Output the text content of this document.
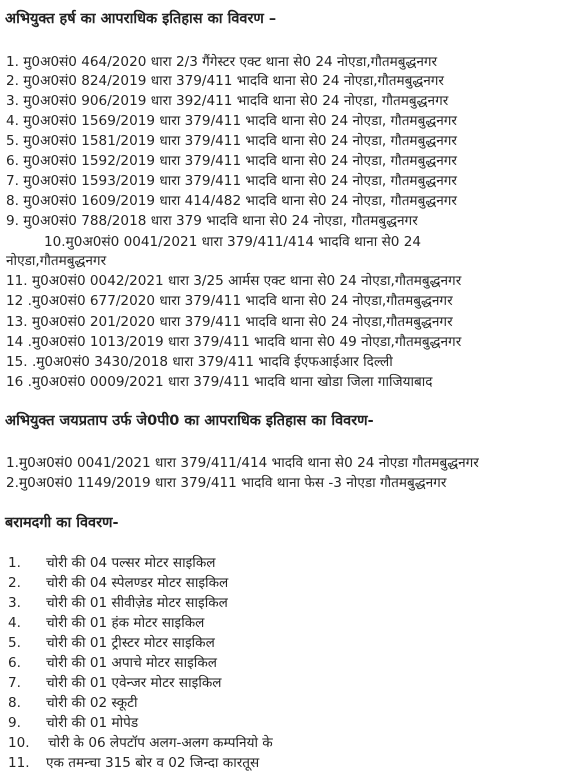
अभियुक्त हर्ष का आपराधिक इतिहास का विवरण –
1. मु0अ0सं0 464/2020 धारा 2/3 गैंगेस्टर एक्ट थाना से0 24 नोएडा,गौतमबुद्धनगर
2. मु0अ0सं0 824/2019 धारा 379/411 भादवि थाना से0 24 नोएडा,गौतमबुद्धनगर
3. मु0अ0सं0 906/2019 धारा 392/411 भादवि थाना से0 24 नोएडा, गौतमबुद्धनगर
4. मु0अ0सं0 1569/2019 धारा 379/411 भादवि थाना से0 24 नोएडा, गौतमबुद्धनगर
5. मु0अ0सं0 1581/2019 धारा 379/411 भादवि थाना से0 24 नोएडा, गौतमबुद्धनगर
6. मु0अ0सं0 1592/2019 धारा 379/411 भादवि थाना से0 24 नोएडा, गौतमबुद्धनगर
7. मु0अ0सं0 1593/2019 धारा 379/411 भादवि थाना से0 24 नोएडा, गौतमबुद्धनगर
8. मु0अ0सं0 1609/2019 धारा 414/482 भादवि थाना से0 24 नोएडा, गौतमबुद्धनगर
9. मु0अ0सं0 788/2018 धारा 379 भादवि थाना से0 24 नोएडा, गौतमबुद्धनगर
10.मु0अ0सं0 0041/2021 धारा 379/411/414 भादवि थाना से0 24
नोएडा,गौतमबुद्धनगर
11. मु0अ0सं0 0042/2021 धारा 3/25 आर्मस एक्ट थाना से0 24 नोएडा,गौतमबुद्धनगर
12 .मु0अ0सं0 677/2020 धारा 379/411 भादवि थाना से0 24 नोएडा,गौतमबुद्धनगर
13. मु0अ0सं0 201/2020 धारा 379/411 भादवि थाना से0 24 नोएडा,गौतमबुद्धनगर
14 .मु0अ0सं0 1013/2019 धारा 379/411 भादवि थाना से0 49 नोएडा,गौतमबुद्धनगर
15. .मु0अ0सं0 3430/2018 धारा 379/411 भादवि ईएफआईआर दिल्ली
16 .मु0अ0सं0 0009/2021 धारा 379/411 भादवि थाना खोडा जिला गाजियाबाद
अभियुक्त जयप्रताप उर्फ जे0पी0 का आपराधिक इतिहास का विवरण-
1.मु0अ0सं0 0041/2021 धारा 379/411/414 भादवि थाना से0 24 नोएडा गौतमबुद्धनगर
2.मु0अ0सं0 1149/2019 धारा 379/411 भादवि थाना फेस -3 नोएडा गौतमबुद्धनगर
बरामदगी का विवरण-
1. चोरी की 04 पल्सर मोटर साइकिल
2. चोरी की 04 स्पेलण्डर मोटर साइकिल
3. चोरी की 01 सीवीज़ेड मोटर साइकिल
4. चोरी की 01 हंक मोटर साइकिल
5. चोरी की 01 ट्रीस्टर मोटर साइकिल
6. चोरी की 01 अपाचे मोटर साइकिल
7. चोरी की 01 एवेन्जर मोटर साइकिल
8. चोरी की 02 स्कूटी
9. चोरी की 01 मोपेड
10. चोरी के 06 लेपटॉप अलग-अलग कम्पनियो के
11. एक तमन्चा 315 बोर व 02 जिन्दा कारतूस
